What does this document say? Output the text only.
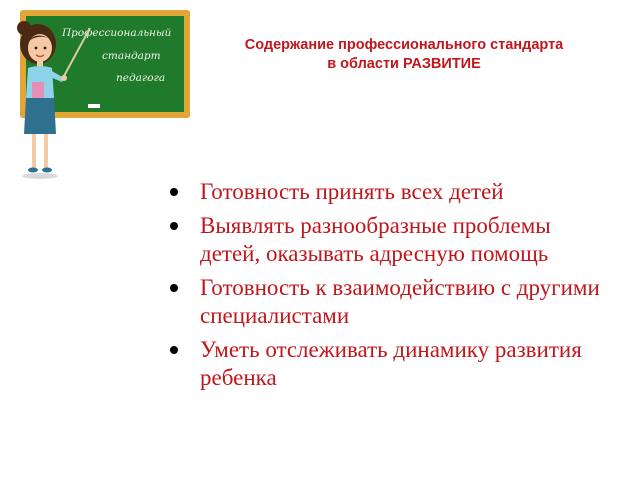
Профессиональный
стандарт
педагога
Содержание профессионального стандарта
в области РАЗВИТИЕ
Готовность принять всех детей
Выявлять разнообразные проблемы детей, оказывать адресную помощь
Готовность к взаимодействию с другими специалистами
Уметь отслеживать динамику развития ребенка
